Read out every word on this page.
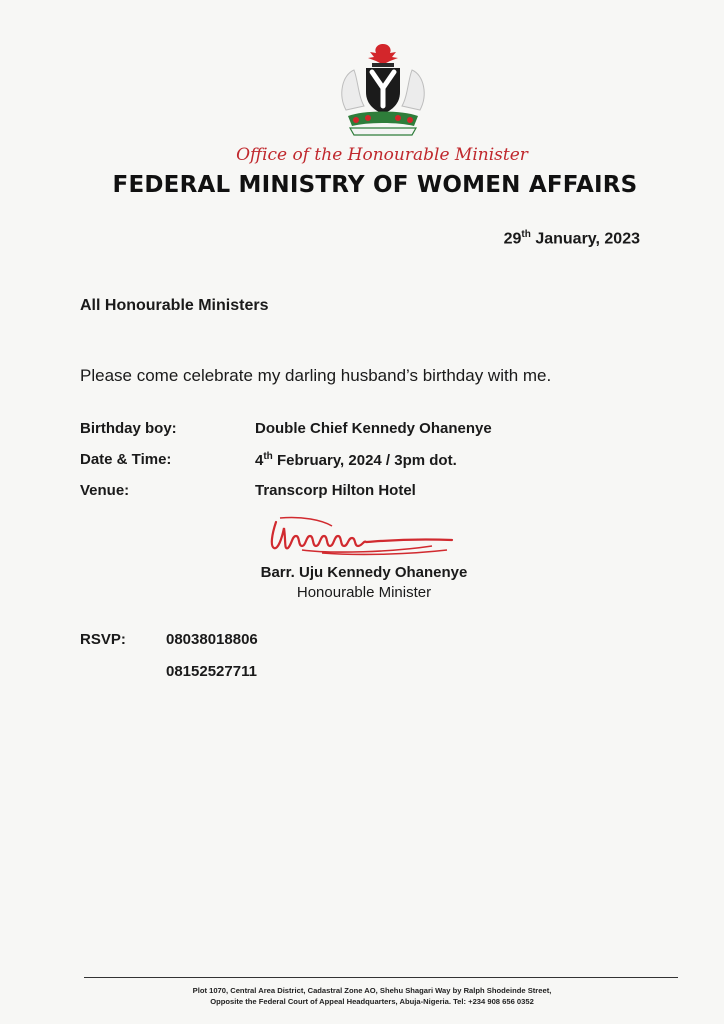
Office of the Honourable Minister
FEDERAL MINISTRY OF WOMEN AFFAIRS
29th January, 2023
All Honourable Ministers
Please come celebrate my darling husband’s birthday with me.
Birthday boy:	Double Chief Kennedy Ohanenye
Date & Time:	4th February, 2024 / 3pm dot.
Venue:	Transcorp Hilton Hotel
Barr. Uju Kennedy Ohanenye
Honourable Minister
RSVP:	08038018806
08152527711
Plot 1070, Central Area District, Cadastral Zone AO, Shehu Shagari Way by Ralph Shodeinde Street,
Opposite the Federal Court of Appeal Headquarters, Abuja-Nigeria. Tel: +234 908 656 0352
